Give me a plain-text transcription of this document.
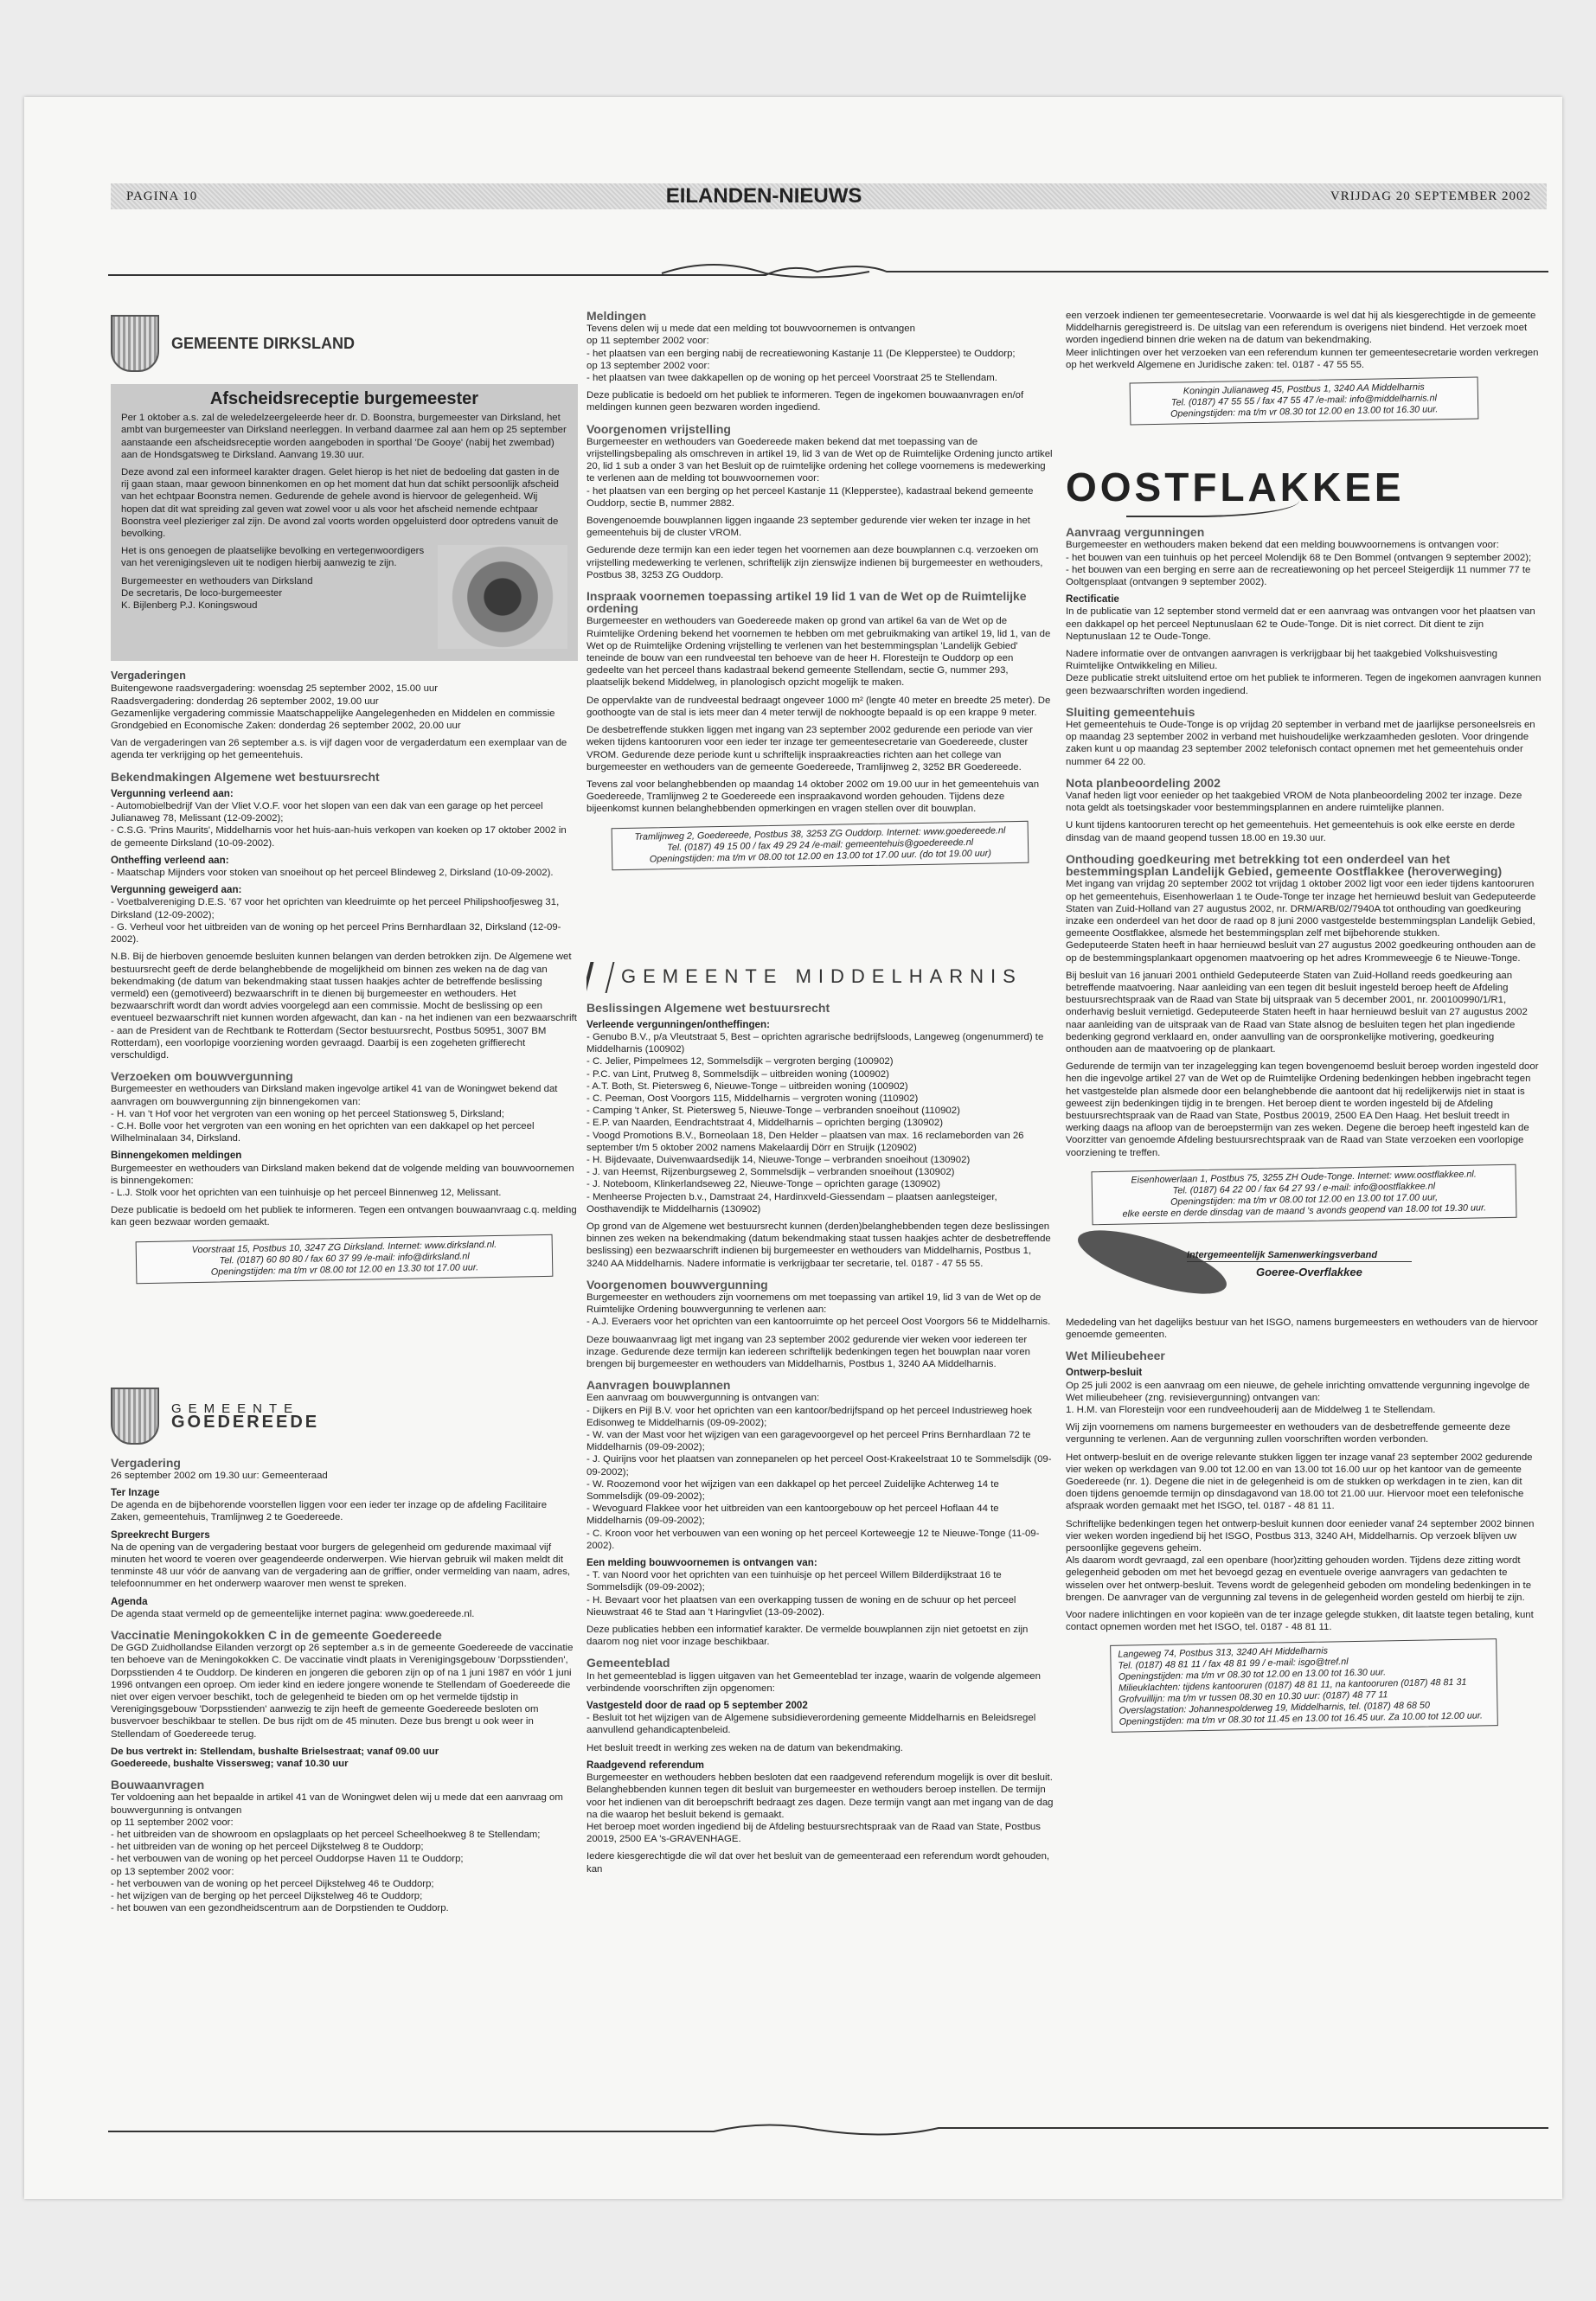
PAGINA 10	EILANDEN-NIEUWS	VRIJDAG 20 SEPTEMBER 2002
GEMEENTE DIRKSLAND
Afscheidsreceptie burgemeester

Per 1 oktober a.s. zal de weledelzeergeleerde heer dr. D. Boonstra, burgemeester van Dirksland, het ambt van burgemeester van Dirksland neerleggen. In verband daarmee zal aan hem op 25 september aanstaande een afscheidsreceptie worden aangeboden in sporthal 'De Gooye' (nabij het zwembad) aan de Hondsgatsweg te Dirksland. Aanvang 19.30 uur.

Deze avond zal een informeel karakter dragen. Gelet hierop is het niet de bedoeling dat gasten in de rij gaan staan, maar gewoon binnenkomen en op het moment dat hun dat schikt persoonlijk afscheid van het echtpaar Boonstra nemen. Gedurende de gehele avond is hiervoor de gelegenheid. Wij hopen dat dit wat spreiding zal geven wat zowel voor u als voor het afscheid nemende echtpaar Boonstra veel plezieriger zal zijn. De avond zal voorts worden opgeluisterd door optredens vanuit de bevolking.

Het is ons genoegen de plaatselijke bevolking en vertegenwoordigers van het verenigingsleven uit te nodigen hierbij aanwezig te zijn.

Burgemeester en wethouders van Dirksland
De secretaris, De loco-burgemeester
K. Bijlenberg P.J. Koningswoud

Vergaderingen

Buitengewone raadsvergadering: woensdag 25 september 2002, 15.00 uur
Raadsvergadering: donderdag 26 september 2002, 19.00 uur
Gezamenlijke vergadering commissie Maatschappelijke Aangelegenheden en Middelen en commissie Grondgebied en Economische Zaken: donderdag 26 september 2002, 20.00 uur

Van de vergaderingen van 26 september a.s. is vijf dagen voor de vergaderdatum een exemplaar van de agenda ter verkrijging op het gemeentehuis.

Bekendmakingen Algemene wet bestuursrecht
Vergunning verleend aan:

- Automobielbedrijf Van der Vliet V.O.F. voor het slopen van een dak van een garage op het perceel Julianaweg 78, Melissant (12-09-2002);
- C.S.G. 'Prins Maurits', Middelharnis voor het huis-aan-huis verkopen van koeken op 17 oktober 2002 in de gemeente Dirksland (10-09-2002).

Ontheffing verleend aan:

- Maatschap Mijnders voor stoken van snoeihout op het perceel Blindeweg 2, Dirksland (10-09-2002).

Vergunning geweigerd aan:

- Voetbalvereniging D.E.S. '67 voor het oprichten van kleedruimte op het perceel Philipshoofjesweg 31, Dirksland (12-09-2002);
- G. Verheul voor het uitbreiden van de woning op het perceel Prins Bernhardlaan 32, Dirksland (12-09-2002).

N.B. Bij de hierboven genoemde besluiten kunnen belangen van derden betrokken zijn. De Algemene wet bestuursrecht geeft de derde belanghebbende de mogelijkheid om binnen zes weken na de dag van bekendmaking (de datum van bekendmaking staat tussen haakjes achter de betreffende beslissing vermeld) een (gemotiveerd) bezwaarschrift in te dienen bij burgemeester en wethouders. Het bezwaarschrift wordt dan wordt advies voorgelegd aan een commissie. Mocht de beslissing op een eventueel bezwaarschrift niet kunnen worden afgewacht, dan kan - na het indienen van een bezwaarschrift - aan de President van de Rechtbank te Rotterdam (Sector bestuursrecht, Postbus 50951, 3007 BM Rotterdam), een voorlopige voorziening worden gevraagd. Daarbij is een zogeheten griffierecht verschuldigd.

Verzoeken om bouwvergunning

Burgemeester en wethouders van Dirksland maken ingevolge artikel 41 van de Woningwet bekend dat aanvragen om bouwvergunning zijn binnengekomen van:
- H. van 't Hof voor het vergroten van een woning op het perceel Stationsweg 5, Dirksland;
- C.H. Bolle voor het vergroten van een woning en het oprichten van een dakkapel op het perceel Wilhelminalaan 34, Dirksland.

Binnengekomen meldingen

Burgemeester en wethouders van Dirksland maken bekend dat de volgende melding van bouwvoornemen is binnengekomen:
- L.J. Stolk voor het oprichten van een tuinhuisje op het perceel Binnenweg 12, Melissant.

Deze publicatie is bedoeld om het publiek te informeren. Tegen een ontvangen bouwaanvraag c.q. melding kan geen bezwaar worden gemaakt.

Voorstraat 15, Postbus 10, 3247 ZG Dirksland. Internet: www.dirksland.nl.
Tel. (0187) 60 80 80 / fax 60 37 99 /e-mail: info@dirksland.nl
Openingstijden: ma t/m vr 08.00 tot 12.00 en 13.30 tot 17.00 uur.
GEMEENTE
GOEDEREEDE
Vergadering

26 september 2002 om 19.30 uur: Gemeenteraad

Ter Inzage

De agenda en de bijbehorende voorstellen liggen voor een ieder ter inzage op de afdeling Facilitaire Zaken, gemeentehuis, Tramlijnweg 2 te Goedereede.

Spreekrecht Burgers

Na de opening van de vergadering bestaat voor burgers de gelegenheid om gedurende maximaal vijf minuten het woord te voeren over geagendeerde onderwerpen. Wie hiervan gebruik wil maken meldt dit tenminste 48 uur vóór de aanvang van de vergadering aan de griffier, onder vermelding van naam, adres, telefoonnummer en het onderwerp waarover men wenst te spreken.

Agenda

De agenda staat vermeld op de gemeentelijke internet pagina: www.goedereede.nl.

Vaccinatie Meningokokken C in de gemeente Goedereede

De GGD Zuidhollandse Eilanden verzorgt op 26 september a.s in de gemeente Goedereede de vaccinatie ten behoeve van de Meningokokken C. De vaccinatie vindt plaats in Verenigingsgebouw 'Dorpsstienden', Dorpsstienden 4 te Ouddorp. De kinderen en jongeren die geboren zijn op of na 1 juni 1987 en vóór 1 juni 1996 ontvangen een oproep. Om ieder kind en iedere jongere wonende te Stellendam of Goedereede die niet over eigen vervoer beschikt, toch de gelegenheid te bieden om op het vermelde tijdstip in Verenigingsgebouw 'Dorpsstienden' aanwezig te zijn heeft de gemeente Goedereede besloten om busvervoer beschikbaar te stellen. De bus rijdt om de 45 minuten. Deze bus brengt u ook weer in Stellendam of Goedereede terug.

De bus vertrekt in: Stellendam, bushalte Brielsestraat; vanaf 09.00 uur
Goedereede, bushalte Vissersweg; vanaf 10.30 uur

Bouwaanvragen

Ter voldoening aan het bepaalde in artikel 41 van de Woningwet delen wij u mede dat een aanvraag om bouwvergunning is ontvangen
op 11 september 2002 voor:
- het uitbreiden van de showroom en opslagplaats op het perceel Scheelhoekweg 8 te Stellendam;
- het uitbreiden van de woning op het perceel Dijkstelweg 8 te Ouddorp;
- het verbouwen van de woning op het perceel Ouddorpse Haven 11 te Ouddorp;
op 13 september 2002 voor:
- het verbouwen van de woning op het perceel Dijkstelweg 46 te Ouddorp;
- het wijzigen van de berging op het perceel Dijkstelweg 46 te Ouddorp;
- het bouwen van een gezondheidscentrum aan de Dorpstienden te Ouddorp.

Meldingen

Tevens delen wij u mede dat een melding tot bouwvoornemen is ontvangen
op 11 september 2002 voor:
- het plaatsen van een berging nabij de recreatiewoning Kastanje 11 (De Klepperstee) te Ouddorp;
op 13 september 2002 voor:
- het plaatsen van twee dakkapellen op de woning op het perceel Voorstraat 25 te Stellendam.

Deze publicatie is bedoeld om het publiek te informeren. Tegen de ingekomen bouwaanvragen en/of meldingen kunnen geen bezwaren worden ingediend.

Voorgenomen vrijstelling

Burgemeester en wethouders van Goedereede maken bekend dat met toepassing van de vrijstellingsbepaling als omschreven in artikel 19, lid 3 van de Wet op de Ruimtelijke Ordening juncto artikel 20, lid 1 sub a onder 3 van het Besluit op de ruimtelijke ordening het college voornemens is medewerking te verlenen aan de melding tot bouwvoornemen voor:
- het plaatsen van een berging op het perceel Kastanje 11 (Klepperstee), kadastraal bekend gemeente Ouddorp, sectie B, nummer 2882.

Bovengenoemde bouwplannen liggen ingaande 23 september gedurende vier weken ter inzage in het gemeentehuis bij de cluster VROM.

Gedurende deze termijn kan een ieder tegen het voornemen aan deze bouwplannen c.q. verzoeken om vrijstelling medewerking te verlenen, schriftelijk zijn zienswijze indienen bij burgemeester en wethouders, Postbus 38, 3253 ZG Ouddorp.

Inspraak voornemen toepassing artikel 19 lid 1 van de Wet op de Ruimtelijke ordening

Burgemeester en wethouders van Goedereede maken op grond van artikel 6a van de Wet op de Ruimtelijke Ordening bekend het voornemen te hebben om met gebruikmaking van artikel 19, lid 1, van de Wet op de Ruimtelijke Ordening vrijstelling te verlenen van het bestemmingsplan 'Landelijk Gebied' teneinde de bouw van een rundveestal ten behoeve van de heer H. Floresteijn te Ouddorp op een gedeelte van het perceel thans kadastraal bekend gemeente Stellendam, sectie G, nummer 293, plaatselijk bekend Middelweg, in planologisch opzicht mogelijk te maken.

De oppervlakte van de rundveestal bedraagt ongeveer 1000 m² (lengte 40 meter en breedte 25 meter). De goothoogte van de stal is iets meer dan 4 meter terwijl de nokhoogte bepaald is op een krappe 9 meter.

De desbetreffende stukken liggen met ingang van 23 september 2002 gedurende een periode van vier weken tijdens kantooruren voor een ieder ter inzage ter gemeentesecretarie van Goedereede, cluster VROM. Gedurende deze periode kunt u schriftelijk inspraakreacties richten aan het college van burgemeester en wethouders van de gemeente Goedereede, Tramlijnweg 2, 3252 BR Goedereede.

Tevens zal voor belanghebbenden op maandag 14 oktober 2002 om 19.00 uur in het gemeentehuis van Goedereede, Tramlijnweg 2 te Goedereede een inspraakavond worden gehouden. Tijdens deze bijeenkomst kunnen belanghebbenden opmerkingen en vragen stellen over dit bouwplan.

Tramlijnweg 2, Goedereede, Postbus 38, 3253 ZG Ouddorp. Internet: www.goedereede.nl
Tel. (0187) 49 15 00 / fax 49 29 24 /e-mail: gemeentehuis@goedereede.nl
Openingstijden: ma t/m vr 08.00 tot 12.00 en 13.00 tot 17.00 uur. (do tot 19.00 uur)
GEMEENTE MIDDELHARNIS
Beslissingen Algemene wet bestuursrecht
Verleende vergunningen/ontheffingen:

- Genubo B.V., p/a Vleutstraat 5, Best – oprichten agrarische bedrijfsloods, Langeweg (ongenummerd) te Middelharnis (100902)
- C. Jelier, Pimpelmees 12, Sommelsdijk – vergroten berging (100902)
- P.C. van Lint, Prutweg 8, Sommelsdijk – uitbreiden woning (100902)
- A.T. Both, St. Pietersweg 6, Nieuwe-Tonge – uitbreiden woning (100902)
- C. Peeman, Oost Voorgors 115, Middelharnis – vergroten woning (110902)
- Camping 't Anker, St. Pietersweg 5, Nieuwe-Tonge – verbranden snoeihout (110902)
- E.P. van Naarden, Eendrachtstraat 4, Middelharnis – oprichten berging (130902)
- Voogd Promotions B.V., Borneolaan 18, Den Helder – plaatsen van max. 16 reclameborden van 26 september t/m 5 oktober 2002 namens Makelaardij Dörr en Struijk (120902)
- H. Bijdevaate, Duivenwaardsedijk 14, Nieuwe-Tonge – verbranden snoeihout (130902)
- J. van Heemst, Rijzenburgseweg 2, Sommelsdijk – verbranden snoeihout (130902)
- J. Noteboom, Klinkerlandseweg 22, Nieuwe-Tonge – oprichten garage (130902)
- Menheerse Projecten b.v., Damstraat 24, Hardinxveld-Giessendam – plaatsen aanlegsteiger, Oosthavendijk te Middelharnis (130902)

Op grond van de Algemene wet bestuursrecht kunnen (derden)belanghebbenden tegen deze beslissingen binnen zes weken na bekendmaking (datum bekendmaking staat tussen haakjes achter de desbetreffende beslissing) een bezwaarschrift indienen bij burgemeester en wethouders van Middelharnis, Postbus 1, 3240 AA Middelharnis. Nadere informatie is verkrijgbaar ter secretarie, tel. 0187 - 47 55 55.

Voorgenomen bouwvergunning

Burgemeester en wethouders zijn voornemens om met toepassing van artikel 19, lid 3 van de Wet op de Ruimtelijke Ordening bouwvergunning te verlenen aan:
- A.J. Everaers voor het oprichten van een kantoorruimte op het perceel Oost Voorgors 56 te Middelharnis.

Deze bouwaanvraag ligt met ingang van 23 september 2002 gedurende vier weken voor iedereen ter inzage. Gedurende deze termijn kan iedereen schriftelijk bedenkingen tegen het bouwplan naar voren brengen bij burgemeester en wethouders van Middelharnis, Postbus 1, 3240 AA Middelharnis.

Aanvragen bouwplannen

Een aanvraag om bouwvergunning is ontvangen van:
- Dijkers en Pijl B.V. voor het oprichten van een kantoor/bedrijfspand op het perceel Industrieweg hoek Edisonweg te Middelharnis (09-09-2002);
- W. van der Mast voor het wijzigen van een garagevoorgevel op het perceel Prins Bernhardlaan 72 te Middelharnis (09-09-2002);
- J. Quirijns voor het plaatsen van zonnepanelen op het perceel Oost-Krakeelstraat 10 te Sommelsdijk (09-09-2002);
- W. Roozemond voor het wijzigen van een dakkapel op het perceel Zuidelijke Achterweg 14 te Sommelsdijk (09-09-2002);
- Wevoguard Flakkee voor het uitbreiden van een kantoorgebouw op het perceel Hoflaan 44 te Middelharnis (09-09-2002);
- C. Kroon voor het verbouwen van een woning op het perceel Korteweegje 12 te Nieuwe-Tonge (11-09-2002).

Een melding bouwvoornemen is ontvangen van:

- T. van Noord voor het oprichten van een tuinhuisje op het perceel Willem Bilderdijkstraat 16 te Sommelsdijk (09-09-2002);
- H. Bevaart voor het plaatsen van een overkapping tussen de woning en de schuur op het perceel Nieuwstraat 46 te Stad aan 't Haringvliet (13-09-2002).

Deze publicaties hebben een informatief karakter. De vermelde bouwplannen zijn niet getoetst en zijn daarom nog niet voor inzage beschikbaar.

Gemeenteblad

In het gemeenteblad is liggen uitgaven van het Gemeenteblad ter inzage, waarin de volgende algemeen verbindende voorschriften zijn opgenomen:

Vastgesteld door de raad op 5 september 2002

- Besluit tot het wijzigen van de Algemene subsidieverordening gemeente Middelharnis en Beleidsregel aanvullend gehandicaptenbeleid.

Het besluit treedt in werking zes weken na de datum van bekendmaking.

Raadgevend referendum

Burgemeester en wethouders hebben besloten dat een raadgevend referendum mogelijk is over dit besluit. Belanghebbenden kunnen tegen dit besluit van burgemeester en wethouders beroep instellen. De termijn voor het indienen van dit beroepschrift bedraagt zes dagen. Deze termijn vangt aan met ingang van de dag na die waarop het besluit bekend is gemaakt.
Het beroep moet worden ingediend bij de Afdeling bestuursrechtspraak van de Raad van State, Postbus 20019, 2500 EA 's-GRAVENHAGE.

Iedere kiesgerechtigde die wil dat over het besluit van de gemeenteraad een referendum wordt gehouden, kan

een verzoek indienen ter gemeentesecretarie. Voorwaarde is wel dat hij als kiesgerechtigde in de gemeente Middelharnis geregistreerd is. De uitslag van een referendum is overigens niet bindend. Het verzoek moet worden ingediend binnen drie weken na de datum van bekendmaking.
Meer inlichtingen over het verzoeken van een referendum kunnen ter gemeentesecretarie worden verkregen op het werkveld Algemene en Juridische zaken: tel. 0187 - 47 55 55.

Koningin Julianaweg 45, Postbus 1, 3240 AA Middelharnis
Tel. (0187) 47 55 55 / fax 47 55 47 /e-mail: info@middelharnis.nl
Openingstijden: ma t/m vr 08.30 tot 12.00 en 13.00 tot 16.30 uur.
OOSTFLAKKEE
Aanvraag vergunningen

Burgemeester en wethouders maken bekend dat een melding bouwvoornemens is ontvangen voor:
- het bouwen van een tuinhuis op het perceel Molendijk 68 te Den Bommel (ontvangen 9 september 2002);
- het bouwen van een berging en serre aan de recreatiewoning op het perceel Steigerdijk 11 nummer 77 te Ooltgensplaat (ontvangen 9 september 2002).

Rectificatie

In de publicatie van 12 september stond vermeld dat er een aanvraag was ontvangen voor het plaatsen van een dakkapel op het perceel Neptunuslaan 62 te Oude-Tonge. Dit is niet correct. Dit dient te zijn Neptunuslaan 12 te Oude-Tonge.

Nadere informatie over de ontvangen aanvragen is verkrijgbaar bij het taakgebied Volkshuisvesting Ruimtelijke Ontwikkeling en Milieu.
Deze publicatie strekt uitsluitend ertoe om het publiek te informeren. Tegen de ingekomen aanvragen kunnen geen bezwaarschriften worden ingediend.

Sluiting gemeentehuis

Het gemeentehuis te Oude-Tonge is op vrijdag 20 september in verband met de jaarlijkse personeelsreis en op maandag 23 september 2002 in verband met huishoudelijke werkzaamheden gesloten. Voor dringende zaken kunt u op maandag 23 september 2002 telefonisch contact opnemen met het gemeentehuis onder nummer 64 22 00.

Nota planbeoordeling 2002

Vanaf heden ligt voor eenieder op het taakgebied VROM de Nota planbeoordeling 2002 ter inzage. Deze nota geldt als toetsingskader voor bestemmingsplannen en andere ruimtelijke plannen.

U kunt tijdens kantooruren terecht op het gemeentehuis. Het gemeentehuis is ook elke eerste en derde dinsdag van de maand geopend tussen 18.00 en 19.30 uur.

Onthouding goedkeuring met betrekking tot een onderdeel van het bestemmingsplan Landelijk Gebied, gemeente Oostflakkee (heroverweging)

Met ingang van vrijdag 20 september 2002 tot vrijdag 1 oktober 2002 ligt voor een ieder tijdens kantooruren op het gemeentehuis, Eisenhowerlaan 1 te Oude-Tonge ter inzage het hernieuwd besluit van Gedeputeerde Staten van Zuid-Holland van 27 augustus 2002, nr. DRM/ARB/02/7940A tot onthouding van goedkeuring inzake een onderdeel van het door de raad op 8 juni 2000 vastgestelde bestemmingsplan Landelijk Gebied, gemeente Oostflakkee, alsmede het bestemmingsplan zelf met bijbehorende stukken.
Gedeputeerde Staten heeft in haar hernieuwd besluit van 27 augustus 2002 goedkeuring onthouden aan de op de bestemmingsplankaart opgenomen maatvoering op het adres Krommeweegje 6 te Nieuwe-Tonge.

Bij besluit van 16 januari 2001 onthield Gedeputeerde Staten van Zuid-Holland reeds goedkeuring aan betreffende maatvoering. Naar aanleiding van een tegen dit besluit ingesteld beroep heeft de Afdeling bestuursrechtspraak van de Raad van State bij uitspraak van 5 december 2001, nr. 200100990/1/R1, onderhavig besluit vernietigd. Gedeputeerde Staten heeft in haar hernieuwd besluit van 27 augustus 2002 naar aanleiding van de uitspraak van de Raad van State alsnog de besluiten tegen het plan ingediende bedenking gegrond verklaard en, onder aanvulling van de oorspronkelijke motivering, goedkeuring onthouden aan de maatvoering op de plankaart.

Gedurende de termijn van ter inzagelegging kan tegen bovengenoemd besluit beroep worden ingesteld door hen die ingevolge artikel 27 van de Wet op de Ruimtelijke Ordening bedenkingen hebben ingebracht tegen het vastgestelde plan alsmede door een belanghebbende die aantoont dat hij redelijkerwijs niet in staat is geweest zijn bedenkingen tijdig in te brengen. Het beroep dient te worden ingesteld bij de Afdeling bestuursrechtspraak van de Raad van State, Postbus 20019, 2500 EA Den Haag. Het besluit treedt in werking daags na afloop van de beroepstermijn van zes weken. Degene die beroep heeft ingesteld kan de Voorzitter van genoemde Afdeling bestuursrechtspraak van de Raad van State verzoeken een voorlopige voorziening te treffen.

Eisenhowerlaan 1, Postbus 75, 3255 ZH Oude-Tonge. Internet: www.oostflakkee.nl.
Tel. (0187) 64 22 00 / fax 64 27 93 / e-mail: info@oostflakkee.nl
Openingstijden: ma t/m vr 08.00 tot 12.00 en 13.00 tot 17.00 uur,
elke eerste en derde dinsdag van de maand 's avonds geopend van 18.00 tot 19.30 uur.
Intergemeentelijk Samenwerkingsverband
Goeree-Overflakkee

Mededeling van het dagelijks bestuur van het ISGO, namens burgemeesters en wethouders van de hiervoor genoemde gemeenten.

Wet Milieubeheer
Ontwerp-besluit

Op 25 juli 2002 is een aanvraag om een nieuwe, de gehele inrichting omvattende vergunning ingevolge de Wet milieubeheer (zng. revisievergunning) ontvangen van:
1. H.M. van Floresteijn voor een rundveehouderij aan de Middelweg 1 te Stellendam.

Wij zijn voornemens om namens burgemeester en wethouders van de desbetreffende gemeente deze vergunning te verlenen. Aan de vergunning zullen voorschriften worden verbonden.

Het ontwerp-besluit en de overige relevante stukken liggen ter inzage vanaf 23 september 2002 gedurende vier weken op werkdagen van 9.00 tot 12.00 en van 13.00 tot 16.00 uur op het kantoor van de gemeente Goedereede (nr. 1). Degene die niet in de gelegenheid is om de stukken op werkdagen in te zien, kan dit doen tijdens genoemde termijn op dinsdagavond van 18.00 tot 21.00 uur. Hiervoor moet een telefonische afspraak worden gemaakt met het ISGO, tel. 0187 - 48 81 11.

Schriftelijke bedenkingen tegen het ontwerp-besluit kunnen door eenieder vanaf 24 september 2002 binnen vier weken worden ingediend bij het ISGO, Postbus 313, 3240 AH, Middelharnis. Op verzoek blijven uw persoonlijke gegevens geheim.
Als daarom wordt gevraagd, zal een openbare (hoor)zitting gehouden worden. Tijdens deze zitting wordt gelegenheid geboden om met het bevoegd gezag en eventuele overige aanvragers van gedachten te wisselen over het ontwerp-besluit. Tevens wordt de gelegenheid geboden om mondeling bedenkingen in te brengen. De aanvrager van de vergunning zal tevens in de gelegenheid worden gesteld om hierbij te zijn.

Voor nadere inlichtingen en voor kopieën van de ter inzage gelegde stukken, dit laatste tegen betaling, kunt contact opnemen worden met het ISGO, tel. 0187 - 48 81 11.

Langeweg 74, Postbus 313, 3240 AH Middelharnis
Tel. (0187) 48 81 11 / fax 48 81 99 / e-mail: isgo@tref.nl
Openingstijden: ma t/m vr 08.30 tot 12.00 en 13.00 tot 16.30 uur.
Milieuklachten: tijdens kantooruren (0187) 48 81 11, na kantooruren (0187) 48 81 31
Grofvuillijn: ma t/m vr tussen 08.30 en 10.30 uur: (0187) 48 77 11
Overslagstation: Johannespolderweg 19, Middelharnis, tel. (0187) 48 68 50
Openingstijden: ma t/m vr 08.30 tot 11.45 en 13.00 tot 16.45 uur. Za 10.00 tot 12.00 uur.
